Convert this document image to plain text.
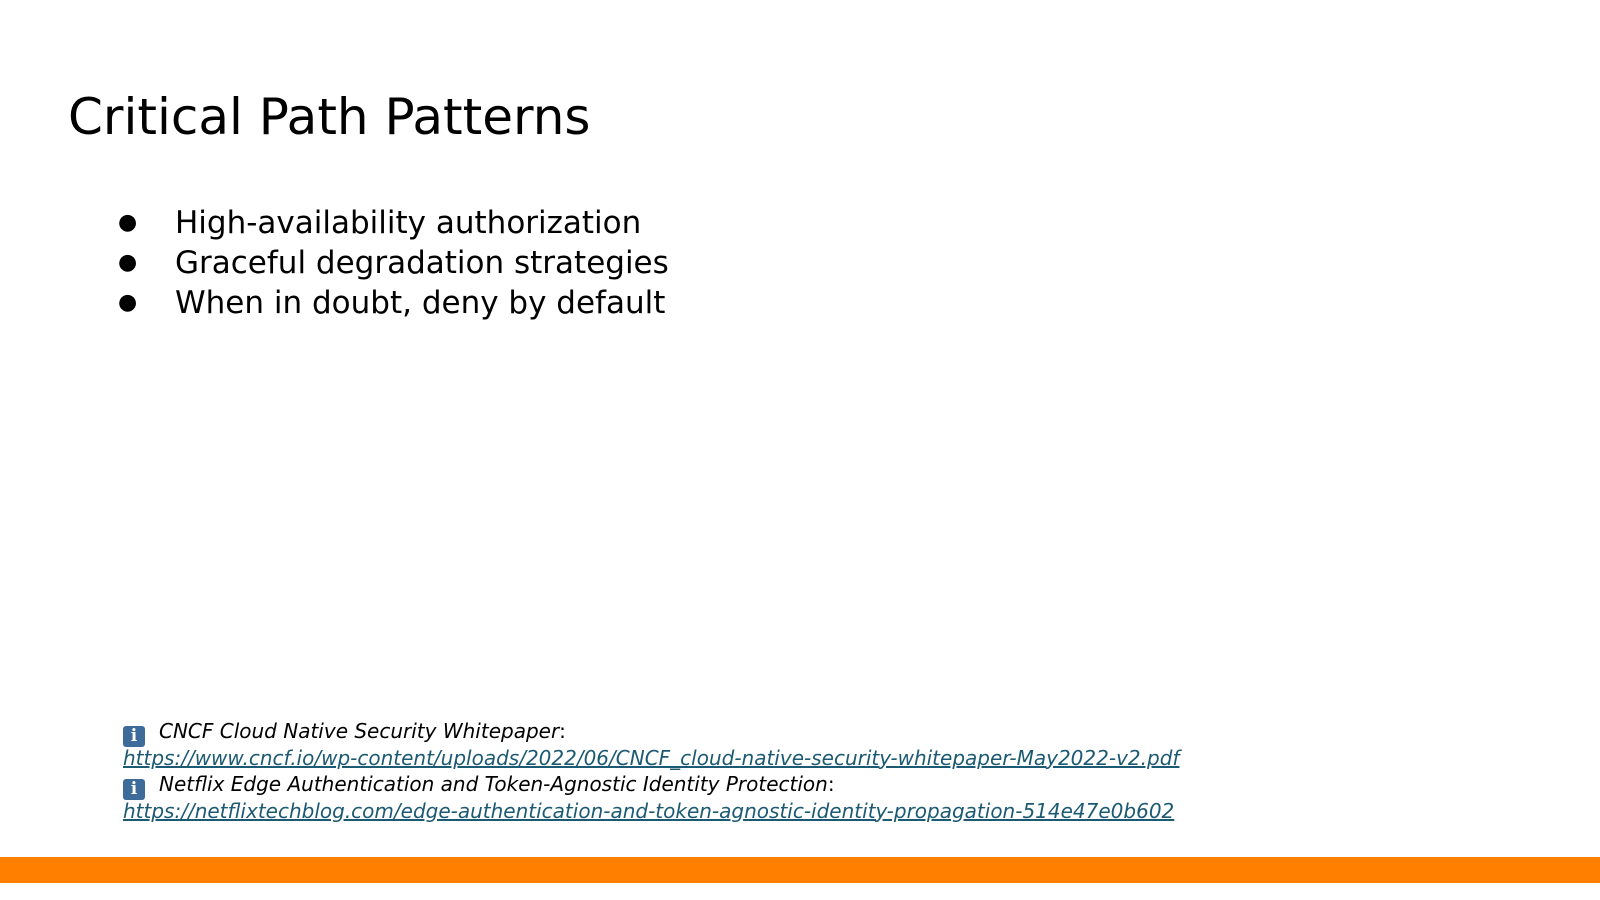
Critical Path Patterns
● High-availability authorization
● Graceful degradation strategies
● When in doubt, deny by default
i CNCF Cloud Native Security Whitepaper:
https://www.cncf.io/wp-content/uploads/2022/06/CNCF_cloud-native-security-whitepaper-May2022-v2.pdf
i Netflix Edge Authentication and Token-Agnostic Identity Protection:
https://netflixtechblog.com/edge-authentication-and-token-agnostic-identity-propagation-514e47e0b602
